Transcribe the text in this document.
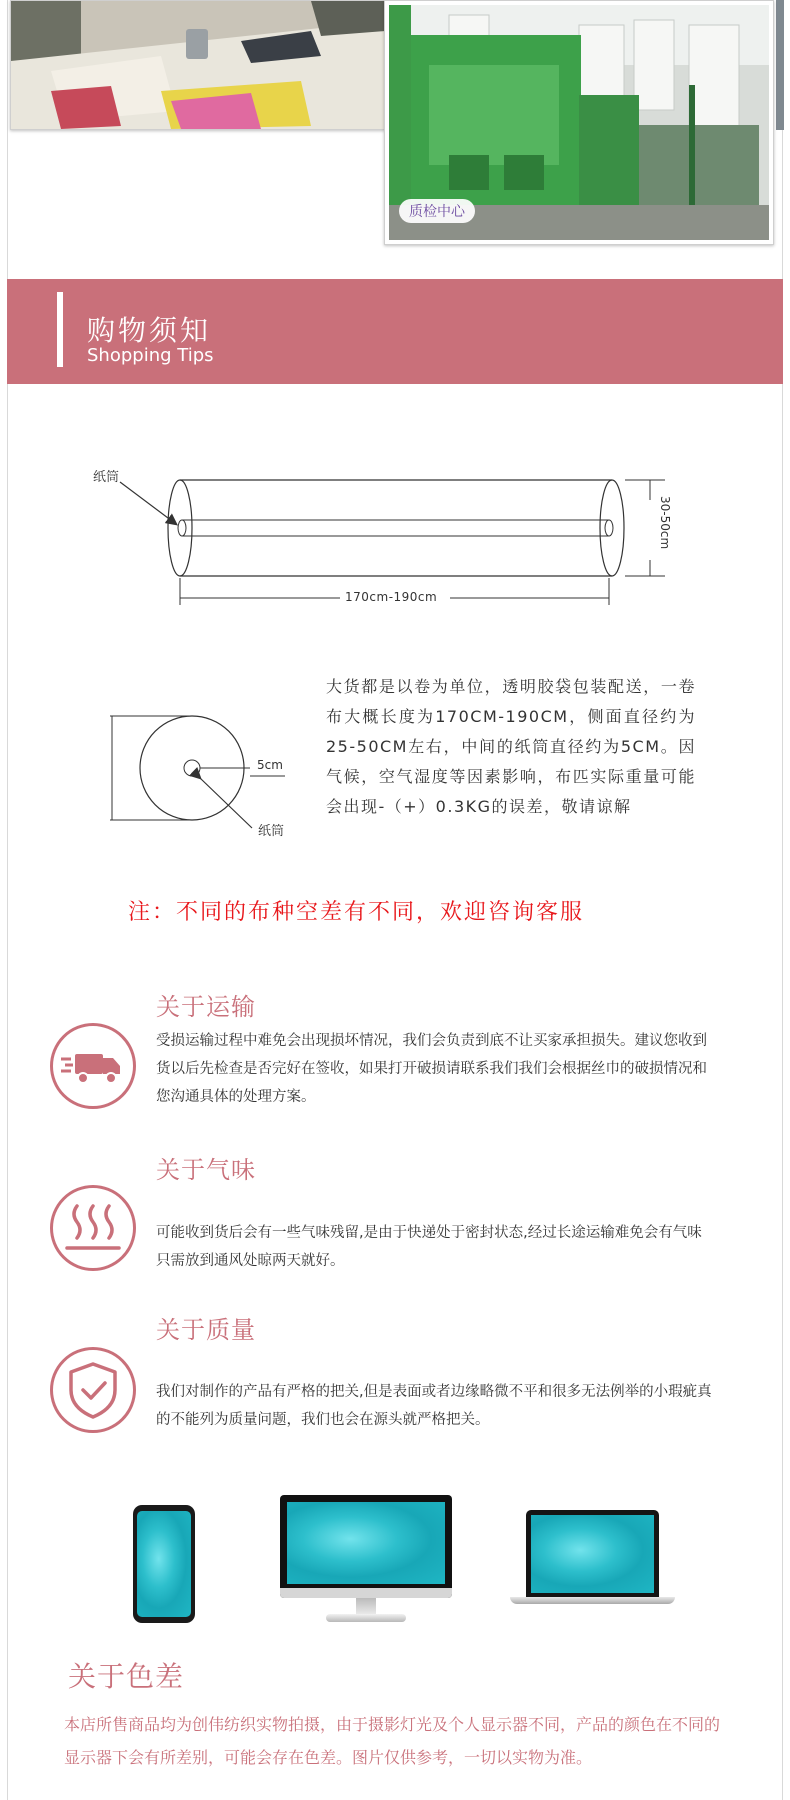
质检中心
购物须知
Shopping Tips
纸筒
170cm-190cm
30-50cm
5cm
纸筒
大货都是以卷为单位，透明胶袋包装配送，一卷布大概长度为170CM-190CM，侧面直径约为25-50CM左右，中间的纸筒直径约为5CM。因气候，空气湿度等因素影响，布匹实际重量可能会出现-（+）0.3KG的误差，敬请谅解
注：不同的布种空差有不同，欢迎咨询客服
关于运输
受损运输过程中难免会出现损坏情况，我们会负责到底不让买家承担损失。建议您收到货以后先检查是否完好在签收，如果打开破损请联系我们我们会根据丝巾的破损情况和您沟通具体的处理方案。
关于气味
可能收到货后会有一些气味残留,是由于快递处于密封状态,经过长途运输难免会有气味只需放到通风处晾两天就好。
关于质量
我们对制作的产品有严格的把关,但是表面或者边缘略微不平和很多无法例举的小瑕疵真的不能列为质量问题，我们也会在源头就严格把关。
关于色差
本店所售商品均为创伟纺织实物拍摄，由于摄影灯光及个人显示器不同，产品的颜色在不同的显示器下会有所差别，可能会存在色差。图片仅供参考，一切以实物为准。
